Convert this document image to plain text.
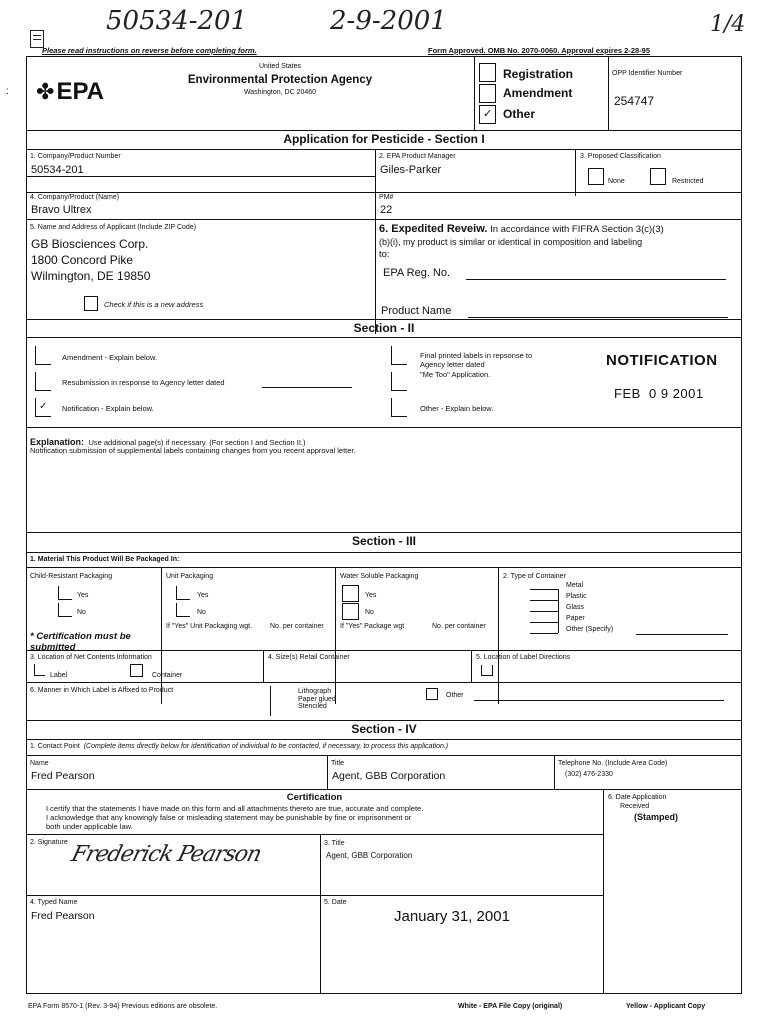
50534-201	2-9-2001	1/4
Please read instructions on reverse before completing form.	Form Approved. OMB No. 2070-0060. Approval expires 2-28-95
: ✤EPA
United States
Environmental Protection Agency
Washington, DC 20460
Registration
Amendment
✓ Other
OPP Identifier Number
254747
Application for Pesticide - Section I
1. Company/Product Number
50534-201
2. EPA Product Manager
Giles-Parker
3. Proposed Classification
None	Restricted
4. Company/Product (Name)
Bravo Ultrex
PM#
22
5. Name and Address of Applicant (Include ZIP Code)
GB Biosciences Corp.
1800 Concord Pike
Wilmington, DE 19850
Check if this is a new address
6. Expedited Reveiw. In accordance with FIFRA Section 3(c)(3)
(b)(i), my product is similar or identical in composition and labeling
to:
EPA Reg. No.
Product Name
Section - II
Amendment - Explain below.
Resubmission in response to Agency letter dated
✓ Notification - Explain below.
Final printed labels in repsonse to
Agency letter dated
"Me Too" Application.
Other - Explain below.
NOTIFICATION
FEB  0 9 2001
Explanation: Use additional page(s) if necessary. (For section I and Section II.)
Notification submission of supplemental labels containing changes from you recent approval letter.
Section - III
1. Material This Product Will Be Packaged In:
Child-Resistant Packaging
Yes
No
* Certification must be submitted
Unit Packaging
Yes
No
If "Yes" Unit Packaging wgt.	No. per container
Water Soluble Packaging
Yes
No
If "Yes" Package wgt	No. per container
2. Type of Container
Metal
Plastic
Glass
Paper
Other (Specify)
3. Location of Net Contents Information
Label	Container
4. Size(s) Retail Container	5. Location of Label Directions
6. Manner in Which Label is Affixed to Product	Lithograph
Paper glued
Stenciled
Other
Section - IV
1. Contact Point (Complete items directly below for identification of individual to be contacted, if necessary, to process this application.)
Name
Fred Pearson
Title
Agent, GBB Corporation
Telephone No. (Include Area Code)
(302) 476-2330
Certification
I certify that the statements I have made on this form and all attachments thereto are true, accurate and complete.
I acknowledge that any knowingly false or misleading statement may be punishable by fine or imprisonment or
both under applicable law.
6. Date Application
Received
(Stamped)
2. Signature Frederick Pearson	3. Title
Agent, GBB Corporation
4. Typed Name
Fred Pearson
5. Date
January 31, 2001
EPA Form 8570-1 (Rev. 3-94) Previous editions are obsolete.	White - EPA File Copy (original)	Yellow - Applicant Copy
